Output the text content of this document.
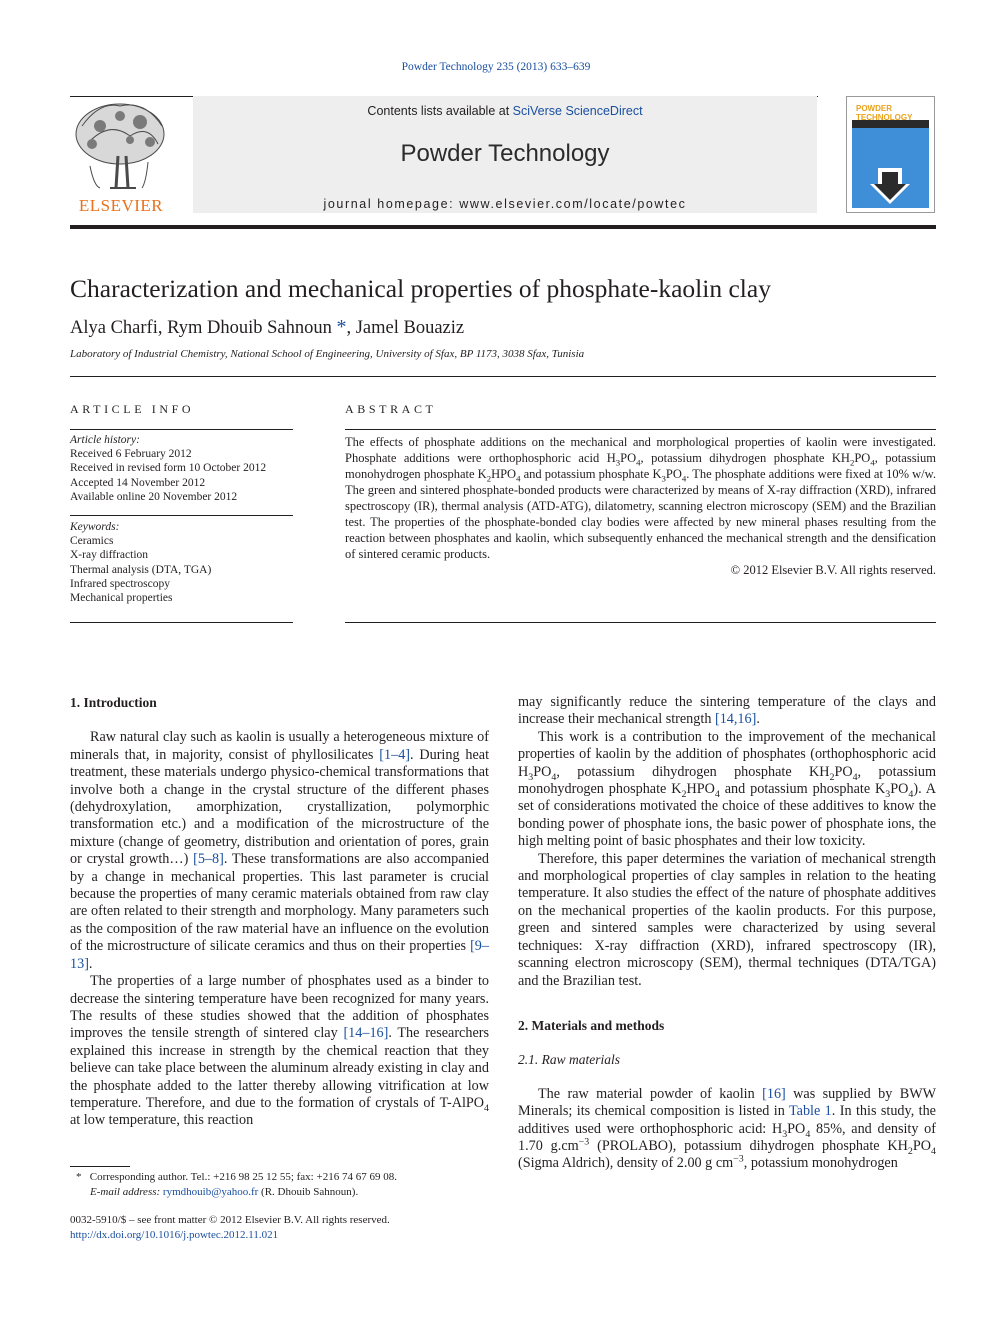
Powder Technology 235 (2013) 633–639
ELSEVIER
Contents lists available at SciVerse ScienceDirect
Powder Technology
journal homepage: www.elsevier.com/locate/powtec
POWDER TECHNOLOGY
Characterization and mechanical properties of phosphate-kaolin clay
Alya Charfi, Rym Dhouib Sahnoun *, Jamel Bouaziz
Laboratory of Industrial Chemistry, National School of Engineering, University of Sfax, BP 1173, 3038 Sfax, Tunisia
ARTICLE INFO
Article history:
Received 6 February 2012
Received in revised form 10 October 2012
Accepted 14 November 2012
Available online 20 November 2012
Keywords:
Ceramics
X-ray diffraction
Thermal analysis (DTA, TGA)
Infrared spectroscopy
Mechanical properties
ABSTRACT
The effects of phosphate additions on the mechanical and morphological properties of kaolin were investigated. Phosphate additions were orthophosphoric acid $H_3PO_4$, potassium dihydrogen phosphate $KH_2PO_4$, potassium monohydrogen phosphate $K_2HPO_4$ and potassium phosphate $K_3PO_4$. The phosphate additions were fixed at 10% w/w. The green and sintered phosphate-bonded products were characterized by means of X-ray diffraction (XRD), infrared spectroscopy (IR), thermal analysis (ATD-ATG), dilatometry, scanning electron microscopy (SEM) and the Brazilian test. The properties of the phosphate-bonded clay bodies were affected by new mineral phases resulting from the reaction between phosphates and kaolin, which subsequently enhanced the mechanical strength and the densification of sintered ceramic products.
© 2012 Elsevier B.V. All rights reserved.
1. Introduction

Raw natural clay such as kaolin is usually a heterogeneous mixture of minerals that, in majority, consist of phyllosilicates [1–4]. During heat treatment, these materials undergo physico-chemical transformations that involve both a change in the crystal structure of the different phases (dehydroxylation, amorphization, crystallization, polymorphic transformation etc.) and a modification of the microstructure of the mixture (change of geometry, distribution and orientation of pores, grain or crystal growth…) [5–8]. These transformations are also accompanied by a change in mechanical properties. This last parameter is crucial because the properties of many ceramic materials obtained from raw clay are often related to their strength and morphology. Many parameters such as the composition of the raw material have an influence on the evolution of the microstructure of silicate ceramics and thus on their properties [9–13].

The properties of a large number of phosphates used as a binder to decrease the sintering temperature have been recognized for many years. The results of these studies showed that the addition of phosphates improves the tensile strength of sintered clay [14–16]. The researchers explained this increase in strength by the chemical reaction that they believe can take place between the aluminum already existing in clay and the phosphate added to the latter thereby allowing vitrification at low temperature. Therefore, and due to the formation of crystals of T-AlPO$_4$ at low temperature, this reaction

may significantly reduce the sintering temperature of the clays and increase their mechanical strength [14,16].

This work is a contribution to the improvement of the mechanical properties of kaolin by the addition of phosphates (orthophosphoric acid $H_3PO_4$, potassium dihydrogen phosphate $KH_2PO_4$, potassium monohydrogen phosphate $K_2HPO_4$ and potassium phosphate $K_3PO_4$). A set of considerations motivated the choice of these additives to know the bonding power of phosphate ions, the basic power of phosphate ions, the high melting point of basic phosphates and their low toxicity.

Therefore, this paper determines the variation of mechanical strength and morphological properties of clay samples in relation to the heating temperature. It also studies the effect of the nature of phosphate additives on the mechanical properties of the kaolin products. For this purpose, green and sintered samples were characterized by using several techniques: X-ray diffraction (XRD), infrared spectroscopy (IR), scanning electron microscopy (SEM), thermal techniques (DTA/TGA) and the Brazilian test.

2. Materials and methods
2.1. Raw materials

The raw material powder of kaolin [16] was supplied by BWW Minerals; its chemical composition is listed in Table 1. In this study, the additives used were orthophosphoric acid: $H_3PO_4$ 85%, and density of 1.70 $g.cm^{-3}$ (PROLABO), potassium dihydrogen phosphate $KH_2PO_4$ (Sigma Aldrich), density of 2.00 g $cm^{-3}$, potassium monohydrogen

* Corresponding author. Tel.: +216 98 25 12 55; fax: +216 74 67 69 08.
E-mail address: rymdhouib@yahoo.fr (R. Dhouib Sahnoun).
0032-5910/$ – see front matter © 2012 Elsevier B.V. All rights reserved.
http://dx.doi.org/10.1016/j.powtec.2012.11.021
